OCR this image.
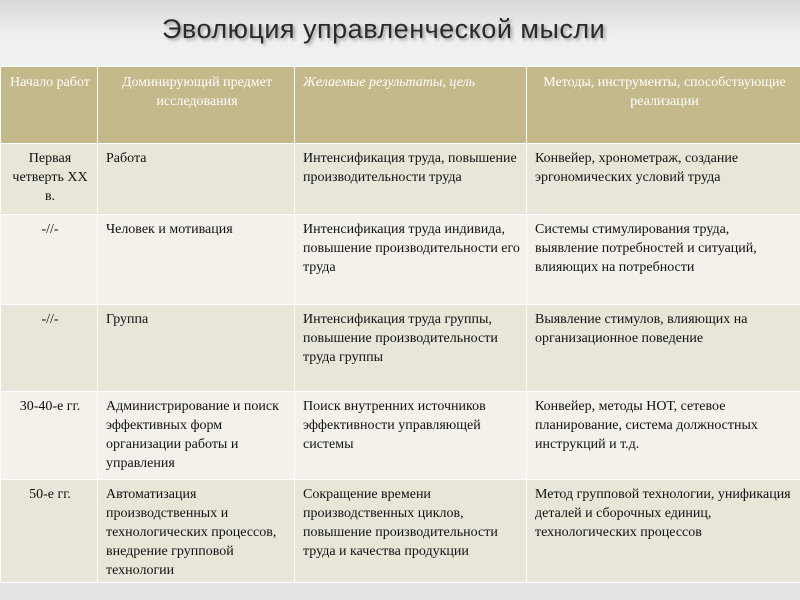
Эволюция управленческой мысли
Начало работ	Доминирующий предмет исследования	Желаемые результаты, цель	Методы, инструменты, способствующие реализации
Первая четверть XX в.	Работа	Интенсификация труда, повышение производительности труда	Конвейер, хронометраж, создание эргономических условий труда
-//-	Человек и мотивация	Интенсификация труда индивида, повышение производительности его труда	Системы стимулирования труда, выявление потребностей и ситуаций, влияющих на потребности
-//-	Группа	Интенсификация труда группы, повышение производительности труда группы	Выявление стимулов, влияющих на организационное поведение
30-40-е гг.	Администрирование и поиск эффективных форм организации работы и управления	Поиск внутренних источников эффективности управляющей системы	Конвейер, методы НОТ, сетевое планирование, система должностных инструкций и т.д.
50-е гг.	Автоматизация производственных и технологических процессов, внедрение групповой технологии	Сокращение времени производственных циклов, повышение производительности труда и качества продукции	Метод групповой технологии, унификация деталей и сборочных единиц, технологических процессов
